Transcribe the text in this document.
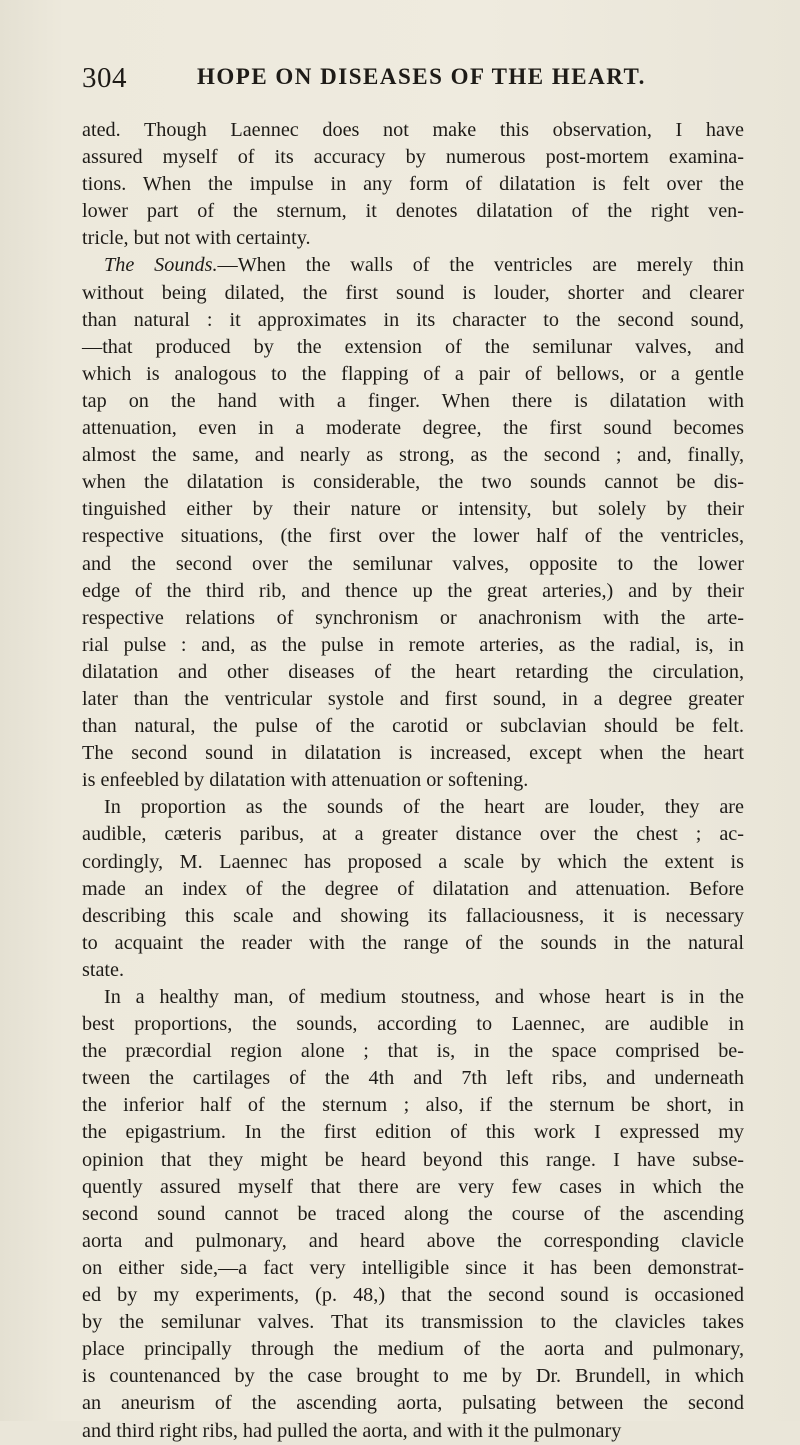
304	HOPE ON DISEASES OF THE HEART.
ated. Though Laennec does not make this observation, I have
assured myself of its accuracy by numerous post-mortem examina-
tions. When the impulse in any form of dilatation is felt over the
lower part of the sternum, it denotes dilatation of the right ven-
tricle, but not with certainty.
The Sounds.—When the walls of the ventricles are merely thin
without being dilated, the first sound is louder, shorter and clearer
than natural : it approximates in its character to the second sound,
—that produced by the extension of the semilunar valves, and
which is analogous to the flapping of a pair of bellows, or a gentle
tap on the hand with a finger. When there is dilatation with
attenuation, even in a moderate degree, the first sound becomes
almost the same, and nearly as strong, as the second ; and, finally,
when the dilatation is considerable, the two sounds cannot be dis-
tinguished either by their nature or intensity, but solely by their
respective situations, (the first over the lower half of the ventricles,
and the second over the semilunar valves, opposite to the lower
edge of the third rib, and thence up the great arteries,) and by their
respective relations of synchronism or anachronism with the arte-
rial pulse : and, as the pulse in remote arteries, as the radial, is, in
dilatation and other diseases of the heart retarding the circulation,
later than the ventricular systole and first sound, in a degree greater
than natural, the pulse of the carotid or subclavian should be felt.
The second sound in dilatation is increased, except when the heart
is enfeebled by dilatation with attenuation or softening.
In proportion as the sounds of the heart are louder, they are
audible, cæteris paribus, at a greater distance over the chest ; ac-
cordingly, M. Laennec has proposed a scale by which the extent is
made an index of the degree of dilatation and attenuation. Before
describing this scale and showing its fallaciousness, it is necessary
to acquaint the reader with the range of the sounds in the natural
state.
In a healthy man, of medium stoutness, and whose heart is in the
best proportions, the sounds, according to Laennec, are audible in
the præcordial region alone ; that is, in the space comprised be-
tween the cartilages of the 4th and 7th left ribs, and underneath
the inferior half of the sternum ; also, if the sternum be short, in
the epigastrium. In the first edition of this work I expressed my
opinion that they might be heard beyond this range. I have subse-
quently assured myself that there are very few cases in which the
second sound cannot be traced along the course of the ascending
aorta and pulmonary, and heard above the corresponding clavicle
on either side,—a fact very intelligible since it has been demonstrat-
ed by my experiments, (p. 48,) that the second sound is occasioned
by the semilunar valves. That its transmission to the clavicles takes
place principally through the medium of the aorta and pulmonary,
is countenanced by the case brought to me by Dr. Brundell, in which
an aneurism of the ascending aorta, pulsating between the second
and third right ribs, had pulled the aorta, and with it the pulmonary
